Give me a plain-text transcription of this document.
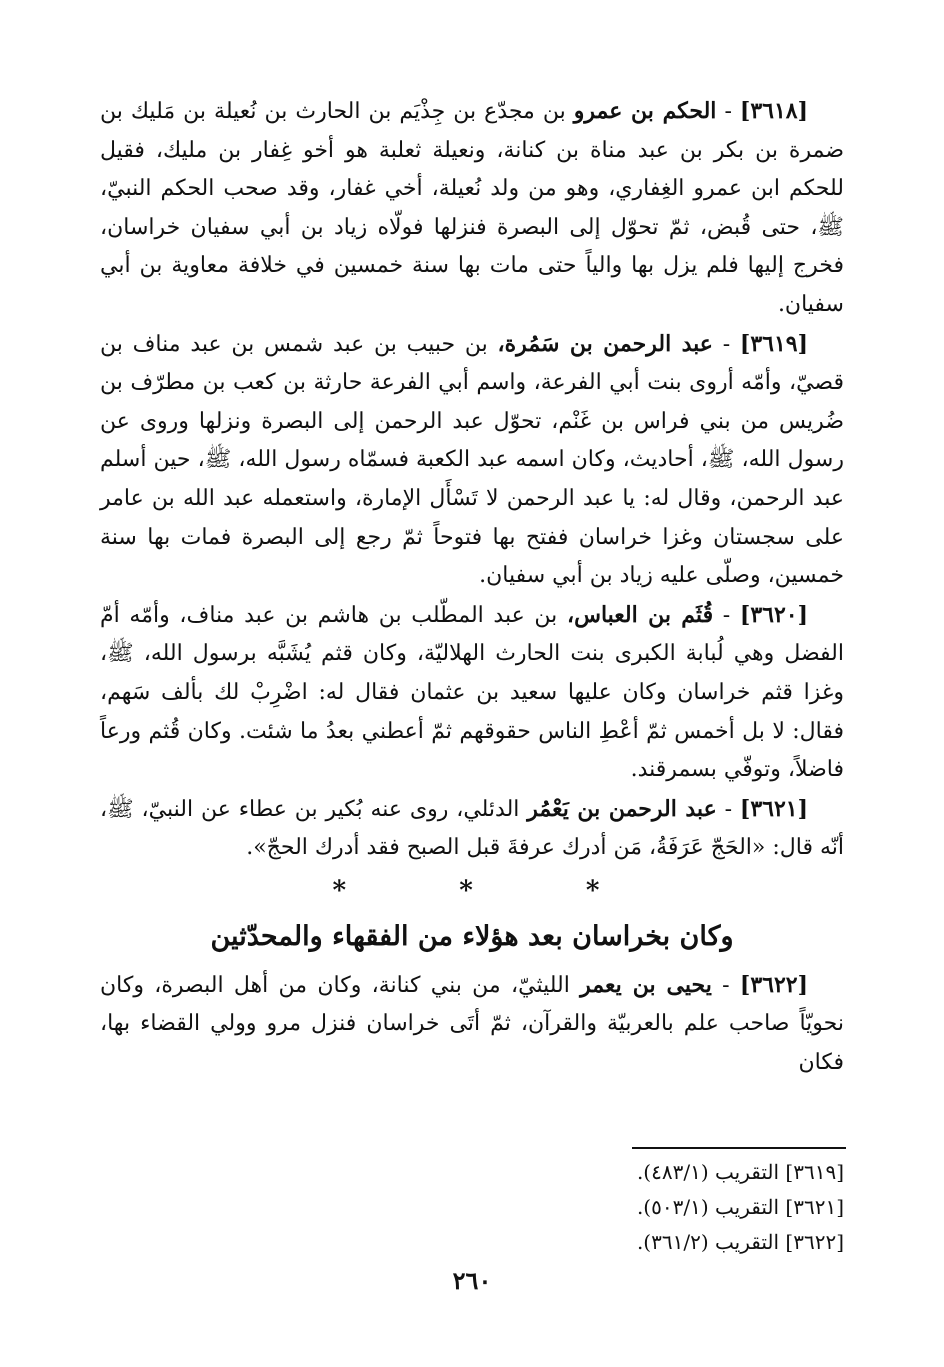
[٣٦١٨] - الحكم بن عمرو بن مجدّع بن جِذْيَم بن الحارث بن نُعيلة بن مَليك بن ضمرة بن بكر بن عبد مناة بن كنانة، ونعيلة ثعلبة هو أخو غِفار بن مليك، فقيل للحكم ابن عمرو الغِفاري، وهو من ولد نُعيلة، أخي غفار، وقد صحب الحكم النبيّ، ﷺ، حتى قُبض، ثمّ تحوّل إلى البصرة فنزلها فولّاه زياد بن أبي سفيان خراسان، فخرج إليها فلم يزل بها والياً حتى مات بها سنة خمسين في خلافة معاوية بن أبي سفيان.

[٣٦١٩] - عبد الرحمن بن سَمُرة، بن حبيب بن عبد شمس بن عبد مناف بن قصيّ، وأمّه أروى بنت أبي الفرعة، واسم أبي الفرعة حارثة بن كعب بن مطرّف بن ضُريس من بني فراس بن غَنْم، تحوّل عبد الرحمن إلى البصرة ونزلها وروى عن رسول الله، ﷺ، أحاديث، وكان اسمه عبد الكعبة فسمّاه رسول الله، ﷺ، حين أسلم عبد الرحمن، وقال له: يا عبد الرحمن لا تَسْأَل الإمارة، واستعمله عبد الله بن عامر على سجستان وغزا خراسان ففتح بها فتوحاً ثمّ رجع إلى البصرة فمات بها سنة خمسين، وصلّى عليه زياد بن أبي سفيان.

[٣٦٢٠] - قُثَم بن العباس، بن عبد المطّلب بن هاشم بن عبد مناف، وأمّه أمّ الفضل وهي لُبابة الكبرى بنت الحارث الهلاليّة، وكان قثم يُشَبَّه برسول الله، ﷺ، وغزا قثم خراسان وكان عليها سعيد بن عثمان فقال له: اضْرِبْ لك بألف سَهم، فقال: لا بل أخمس ثمّ أعْطِ الناس حقوقهم ثمّ أعطني بعدُ ما شئت. وكان قُثم ورعاً فاضلاً، وتوفّي بسمرقند.

[٣٦٢١] - عبد الرحمن بن يَعْمُر الدئلي، روى عنه بُكير بن عطاء عن النبيّ، ﷺ، أنّه قال: «الحَجّ عَرَفَةُ، مَن أدرك عرفةَ قبل الصبح فقد أدرك الحجّ».

* * *
وكان بخراسان بعد هؤلاء من الفقهاء والمحدّثين

[٣٦٢٢] - يحيى بن يعمر الليثيّ، من بني كنانة، وكان من أهل البصرة، وكان نحويّاً صاحب علم بالعربيّة والقرآن، ثمّ أتَى خراسان فنزل مرو وولي القضاء بها، فكان

[٣٦١٩] التقريب (٤٨٣/١).
[٣٦٢١] التقريب (٥٠٣/١).
[٣٦٢٢] التقريب (٣٦١/٢).
٢٦٠
